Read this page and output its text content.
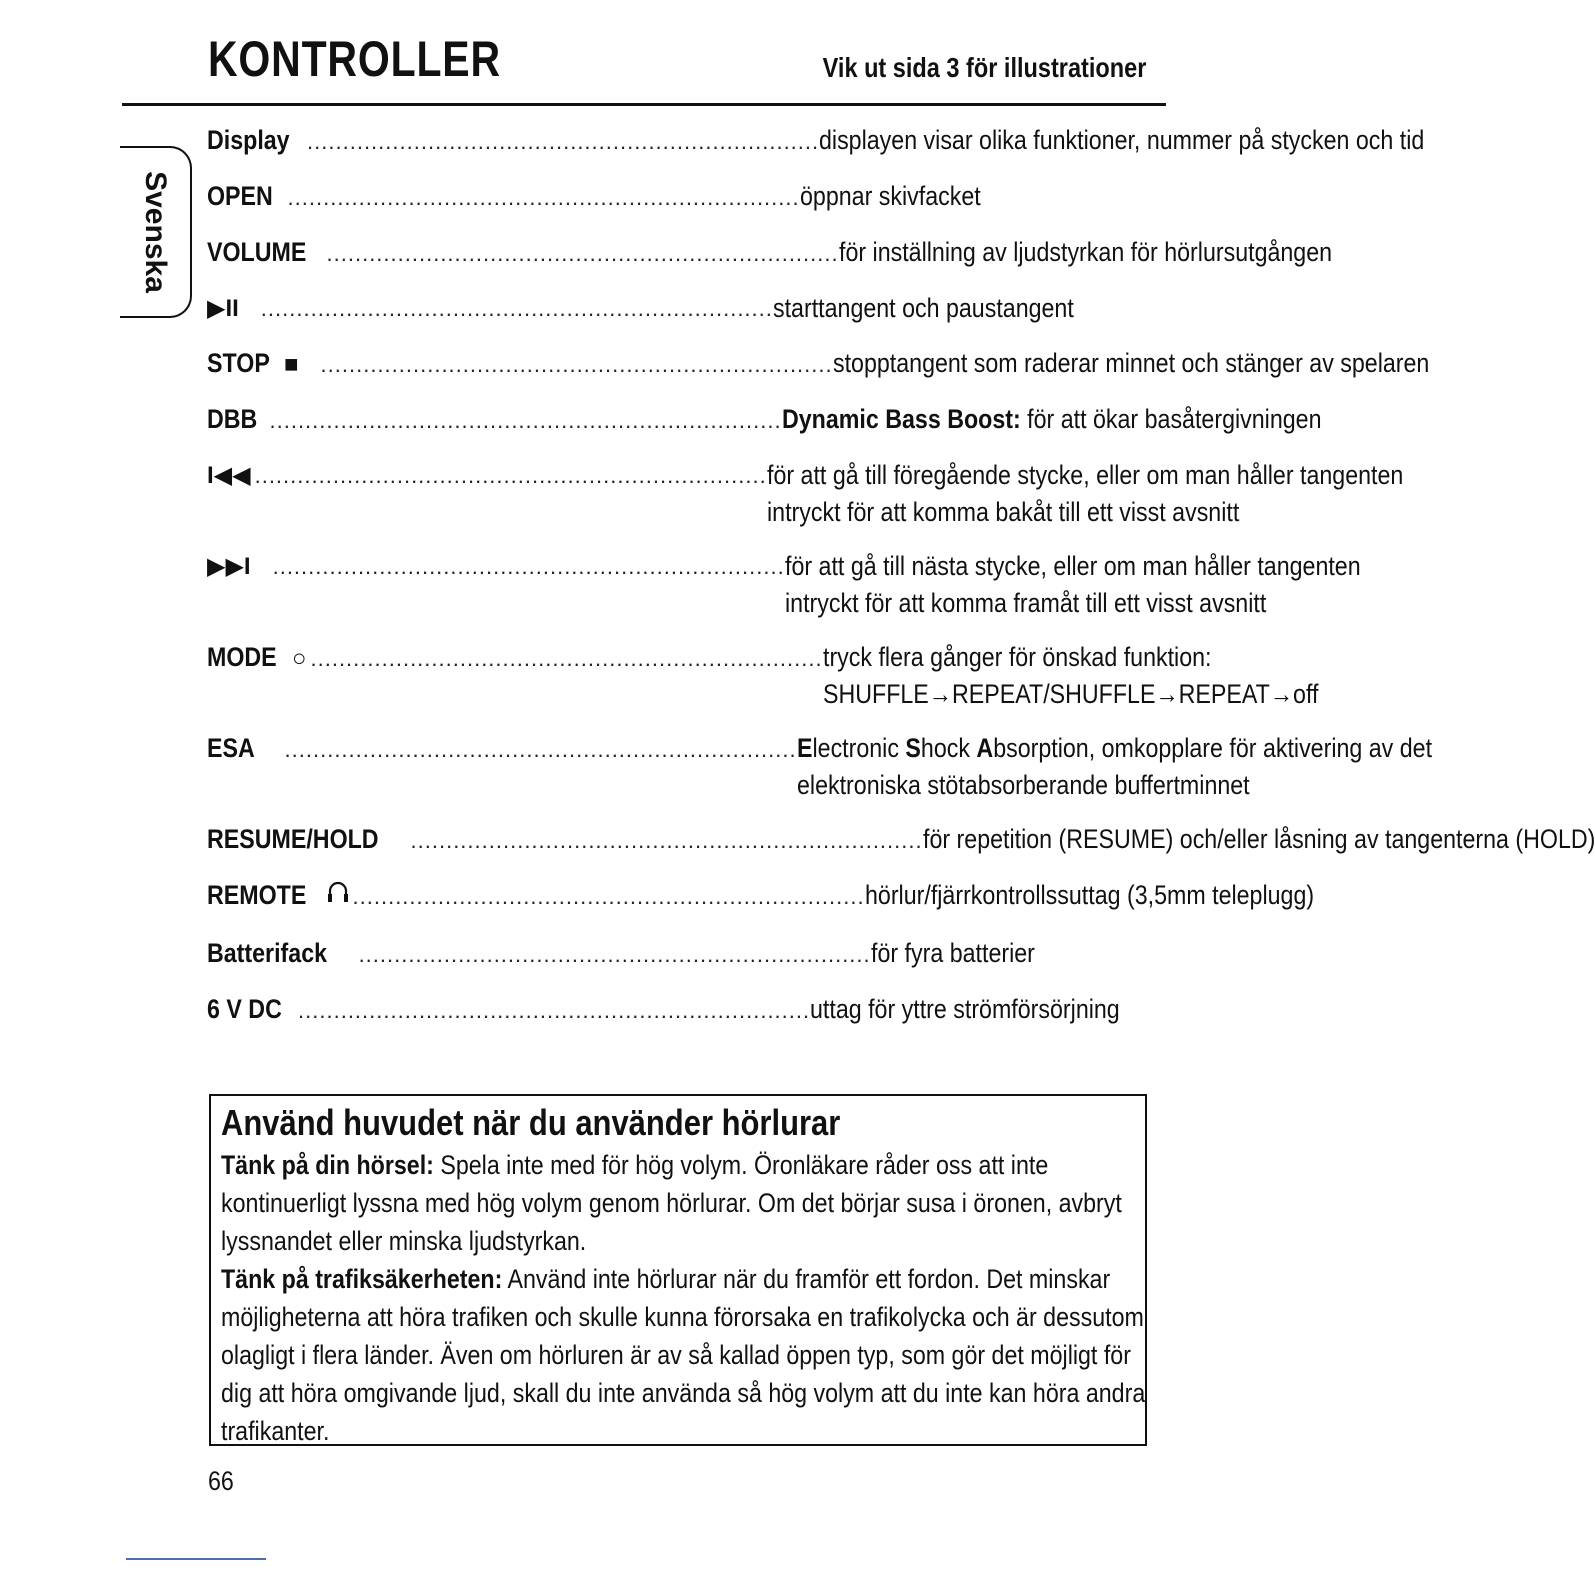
KONTROLLER	Vik ut sida 3 för illustrationer
Svenska
Display ........................................................................ displayen visar olika funktioner, nummer på stycken och tid
OPEN ........................................................................ öppnar skivfacket
VOLUME ........................................................................ för inställning av ljudstyrkan för hörlursutgången
▶II ........................................................................ starttangent och paustangent
STOP ■ ........................................................................ stopptangent som raderar minnet och stänger av spelaren
DBB ........................................................................ Dynamic Bass Boost: för att ökar basåtergivningen
I◀◀ ........................................................................ för att gå till föregående stycke, eller om man håller tangenten
intryckt för att komma bakåt till ett visst avsnitt
▶▶I ........................................................................ för att gå till nästa stycke, eller om man håller tangenten
intryckt för att komma framåt till ett visst avsnitt
MODE ○ ........................................................................ tryck flera gånger för önskad funktion:
SHUFFLE→REPEAT/SHUFFLE→REPEAT→off
ESA ........................................................................ Electronic Shock Absorption, omkopplare för aktivering av det
elektroniska stötabsorberande buffertminnet
RESUME/HOLD ........................................................................ för repetition (RESUME) och/eller låsning av tangenterna (HOLD)
REMOTE ........................................................................ hörlur/fjärrkontrollssuttag (3,5mm teleplugg)
Batterifack ........................................................................ för fyra batterier
6 V DC ........................................................................ uttag för yttre strömförsörjning
Använd huvudet när du använder hörlurar

Tänk på din hörsel: Spela inte med för hög volym. Öronläkare råder oss att inte kontinuerligt lyssna med hög volym genom hörlurar. Om det börjar susa i öronen, avbryt lyssnandet eller minska ljudstyrkan.

Tänk på trafiksäkerheten: Använd inte hörlurar när du framför ett fordon. Det minskar möjligheterna att höra trafiken och skulle kunna förorsaka en trafikolycka och är dessutom olagligt i flera länder. Även om hörluren är av så kallad öppen typ, som gör det möjligt för dig att höra omgivande ljud, skall du inte använda så hög volym att du inte kan höra andra trafikanter.

66
